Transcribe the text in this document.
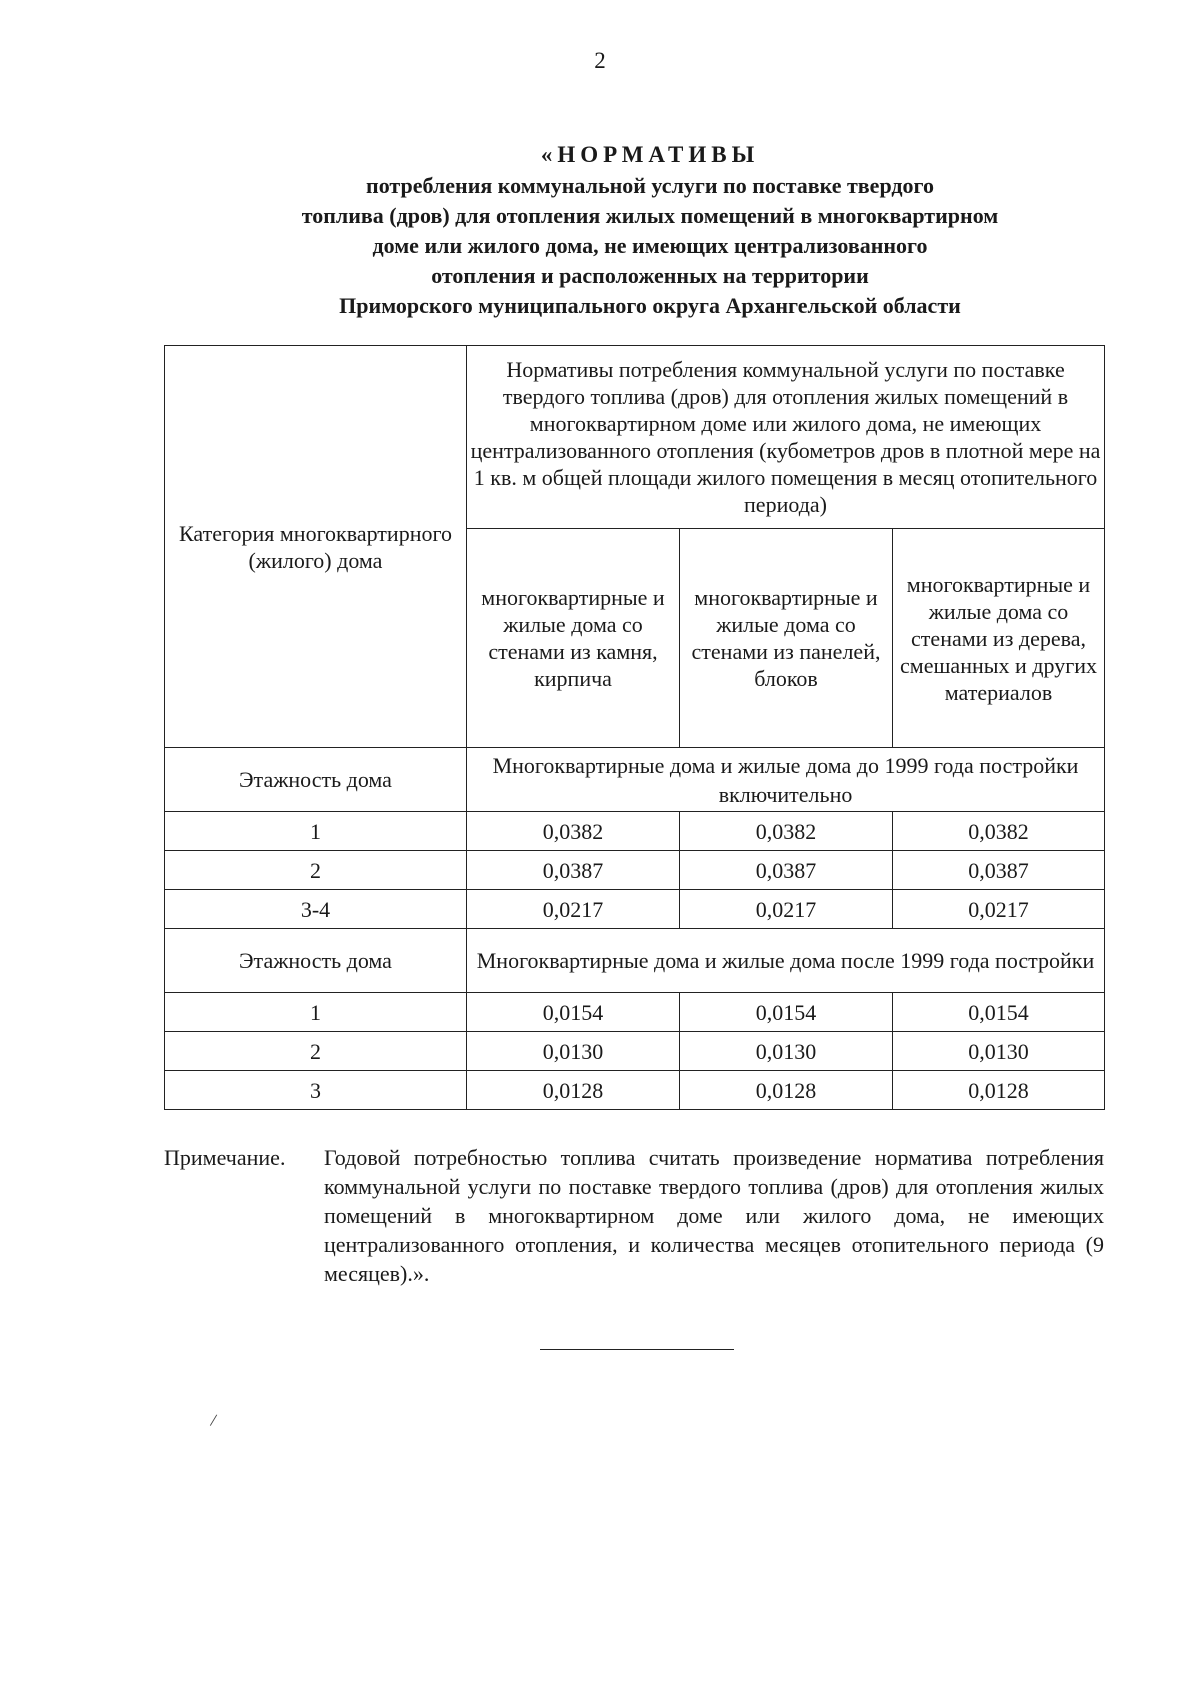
2
«НОРМАТИВЫ
потребления коммунальной услуги по поставке твердого
топлива (дров) для отопления жилых помещений в многоквартирном
доме или жилого дома, не имеющих централизованного
отопления и расположенных на территории
Приморского муниципального округа Архангельской области
Категория многоквартирного (жилого) дома	Нормативы потребления коммунальной услуги по поставке твердого топлива (дров) для отопления жилых помещений в многоквартирном доме или жилого дома, не имеющих централизованного отопления (кубометров дров в плотной мере на 1 кв. м общей площади жилого помещения в месяц отопительного периода)		
	многоквартирные и жилые дома со стенами из камня, кирпича	многоквартирные и жилые дома со стенами из панелей, блоков	многоквартирные и жилые дома со стенами из дерева, смешанных и других материалов
Этажность дома	Многоквартирные дома и жилые дома до 1999 года постройки включительно		
1	0,0382	0,0382	0,0382
2	0,0387	0,0387	0,0387
3-4	0,0217	0,0217	0,0217
Этажность дома	Многоквартирные дома и жилые дома после 1999 года постройки		
1	0,0154	0,0154	0,0154
2	0,0130	0,0130	0,0130
3	0,0128	0,0128	0,0128
Примечание. Годовой потребностью топлива считать произведение норматива потребления коммунальной услуги по поставке твердого топлива (дров) для отопления жилых помещений в многоквартирном доме или жилого дома, не имеющих централизованного отопления, и количества месяцев отопительного периода (9 месяцев).».
/
